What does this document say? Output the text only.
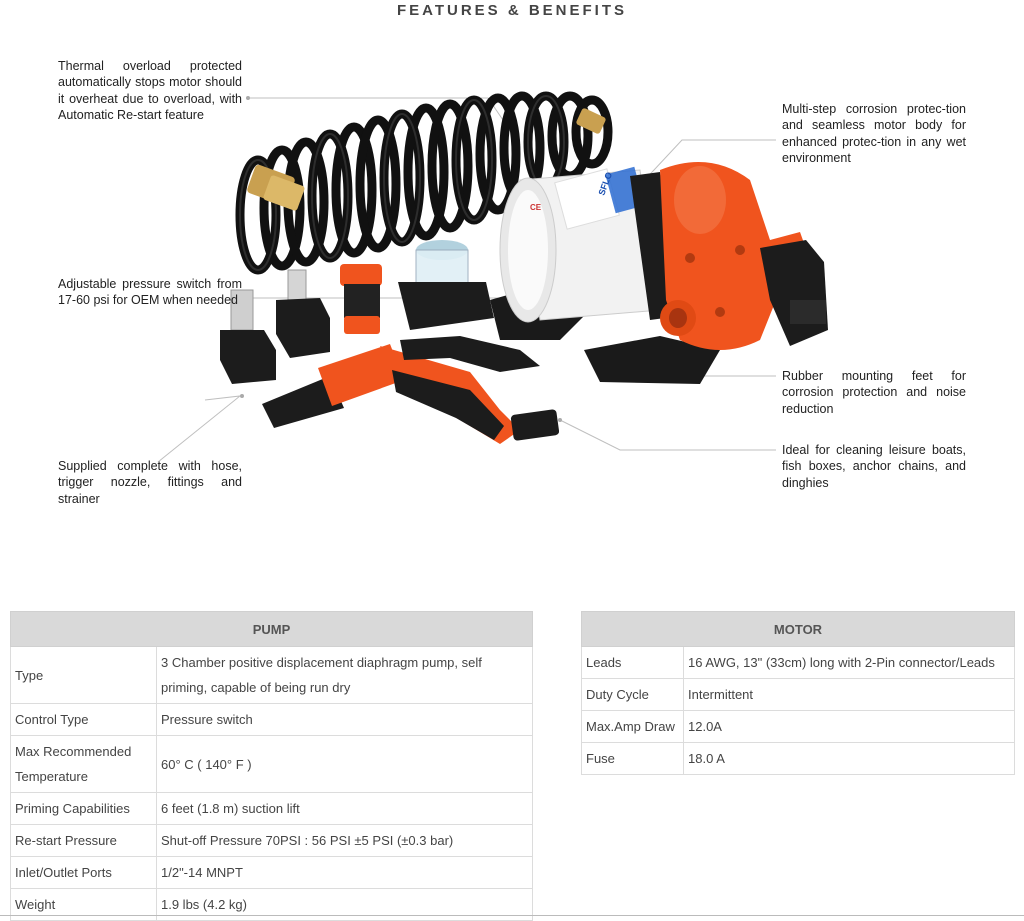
FEATURES & BENEFITS
SFLO
CE
Thermal overload protected automatically stops motor should it overheat due to overload, with Automatic Re-start feature
Adjustable pressure switch from 17-60 psi for OEM when needed
Supplied complete with hose, trigger nozzle, fittings and strainer
Multi-step corrosion protec-tion and seamless motor body for enhanced protec-tion in any wet environment
Rubber mounting feet for corrosion protection and noise reduction
Ideal for cleaning leisure boats, fish boxes, anchor chains, and dinghies
PUMP	
Type	3 Chamber positive displacement diaphragm pump, self priming, capable of being run dry
Control Type	Pressure switch
Max Recommended Temperature	60° C ( 140° F )
Priming Capabilities	6 feet (1.8 m) suction lift
Re-start Pressure	Shut-off Pressure 70PSI : 56 PSI ±5 PSI (±0.3 bar)
Inlet/Outlet Ports	1/2"-14 MNPT
Weight	1.9 lbs (4.2 kg)
MOTOR	
Leads	16 AWG, 13" (33cm) long with 2-Pin connector/Leads
Duty Cycle	Intermittent
Max.Amp Draw	12.0A
Fuse	18.0 A
